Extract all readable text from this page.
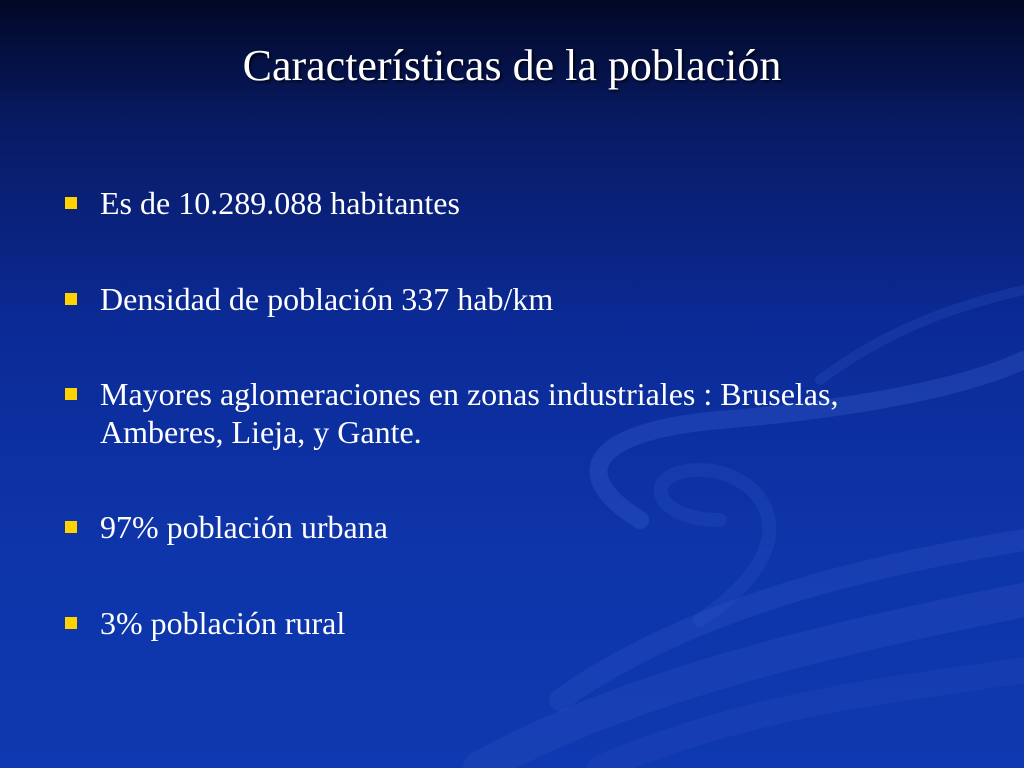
Características de la población
Es de 10.289.088 habitantes
Densidad de población 337 hab/km
Mayores aglomeraciones en zonas industriales : Bruselas, Amberes, Lieja, y Gante.
97% población urbana
3% población rural
